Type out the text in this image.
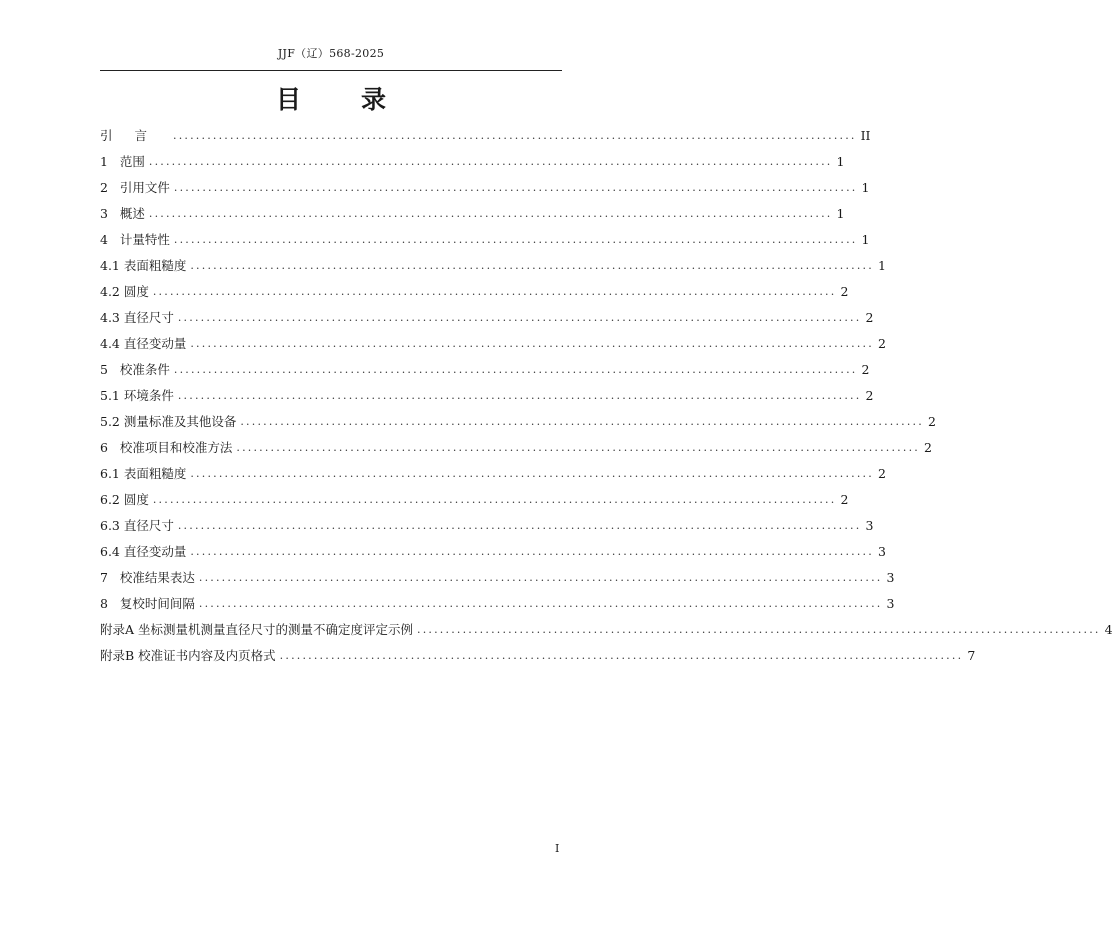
JJF（辽）568-2025
目 录
引言 ........................................................................................................................ II
1   范围 ........................................................................................................................ 1
2   引用文件 ........................................................................................................................ 1
3   概述 ........................................................................................................................ 1
4   计量特性 ........................................................................................................................ 1
4.1 表面粗糙度 ........................................................................................................................ 1
4.2 圆度 ........................................................................................................................ 2
4.3 直径尺寸 ........................................................................................................................ 2
4.4 直径变动量 ........................................................................................................................ 2
5   校准条件 ........................................................................................................................ 2
5.1 环境条件 ........................................................................................................................ 2
5.2 测量标准及其他设备 ........................................................................................................................ 2
6   校准项目和校准方法 ........................................................................................................................ 2
6.1 表面粗糙度 ........................................................................................................................ 2
6.2 圆度 ........................................................................................................................ 2
6.3 直径尺寸 ........................................................................................................................ 3
6.4 直径变动量 ........................................................................................................................ 3
7   校准结果表达 ........................................................................................................................ 3
8   复校时间间隔 ........................................................................................................................ 3
附录A 坐标测量机测量直径尺寸的测量不确定度评定示例 ........................................................................................................................ 4
附录B 校准证书内容及内页格式 ........................................................................................................................ 7
I
